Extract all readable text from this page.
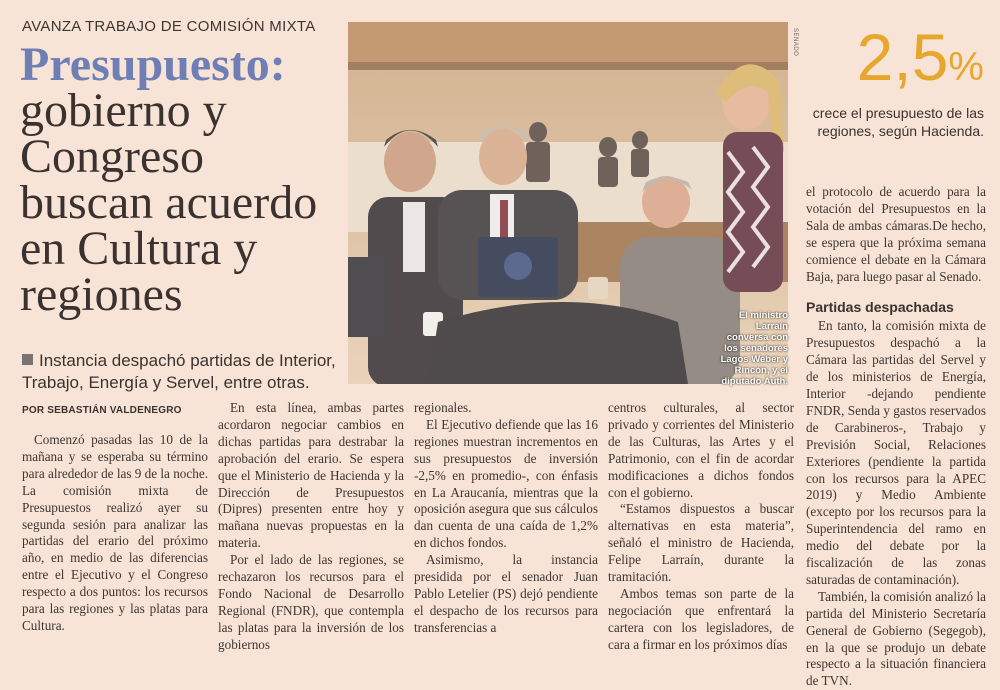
AVANZA TRABAJO DE COMISIÓN MIXTA
Presupuesto:
gobierno y Congreso buscan acuerdo en Cultura y regiones
Instancia despachó partidas de Interior, Trabajo, Energía y Servel, entre otras.
POR SEBASTIÁN VALDENEGRO

Comenzó pasadas las 10 de la mañana y se esperaba su término para alrededor de las 9 de la noche. La comisión mixta de Presupuestos realizó ayer su segunda sesión para analizar las partidas del erario del próximo año, en medio de las diferencias entre el Ejecutivo y el Congreso respecto a dos puntos: los recursos para las regiones y las platas para Cultura.

En esta línea, ambas partes acordaron negociar cambios en dichas partidas para destrabar la aprobación del erario. Se espera que el Ministerio de Hacienda y la Dirección de Presupuestos (Dipres) presenten entre hoy y mañana nuevas propuestas en la materia.

Por el lado de las regiones, se rechazaron los recursos para el Fondo Nacional de Desarrollo Regional (FNDR), que contempla las platas para la inversión de los gobiernos

regionales.

El Ejecutivo defiende que las 16 regiones muestran incrementos en sus presupuestos de inversión -2,5% en promedio-, con énfasis en La Araucanía, mientras que la oposición asegura que sus cálculos dan cuenta de una caída de 1,2% en dichos fondos.

Asimismo, la instancia presidida por el senador Juan Pablo Letelier (PS) dejó pendiente el despacho de los recursos para transferencias a

centros culturales, al sector privado y corrientes del Ministerio de las Culturas, las Artes y el Patrimonio, con el fin de acordar modificaciones a dichos fondos con el gobierno.

“Estamos dispuestos a buscar alternativas en esta materia”, señaló el ministro de Hacienda, Felipe Larraín, durante la tramitación.

Ambos temas son parte de la negociación que enfrentará la cartera con los legisladores, de cara a firmar en los próximos días

el protocolo de acuerdo para la votación del Presupuestos en la Sala de ambas cámaras.De hecho, se espera que la próxima semana comience el debate en la Cámara Baja, para luego pasar al Senado.

Partidas despachadas

En tanto, la comisión mixta de Presupuestos despachó a la Cámara las partidas del Servel y de los ministerios de Energía, Interior -dejando pendiente FNDR, Senda y gastos reservados de Carabineros-, Trabajo y Previsión Social, Relaciones Exteriores (pendiente la partida con los recursos para la APEC 2019) y Medio Ambiente (excepto por los recursos para la Superintendencia del ramo en medio del debate por la fiscalización de las zonas saturadas de contaminación).

También, la comisión analizó la partida del Ministerio Secretaría General de Gobierno (Segegob), en la que se produjo un debate respecto a la situación financiera de TVN.

SENADO
El ministro Larraín conversa con los senadores Lagos Weber y Rincón, y el diputado Auth.
2,5%
crece el presupuesto de las regiones, según Hacienda.
